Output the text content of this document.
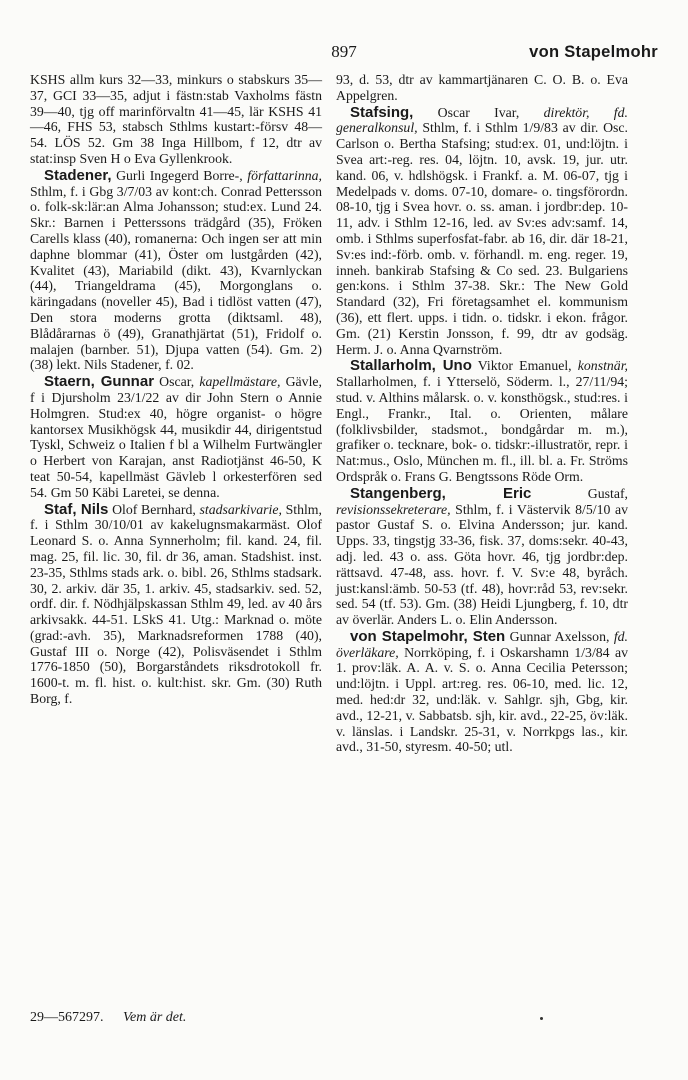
897	von Stapelmohr

KSHS allm kurs 32—33, minkurs o stabskurs 35—37, GCI 33—35, adjut i fästn:stab Vaxholms fästn 39—40, tjg off marinförvaltn 41—45, lär KSHS 41—46, FHS 53, stabsch Sthlms kustart:-försv 48—54. LÖS 52. Gm 38 Inga Hillbom, f 12, dtr av stat:insp Sven H o Eva Gyllenkrook.

Stadener, Gurli Ingegerd Borre-, författarinna, Sthlm, f. i Gbg 3/7/03 av kont:ch. Conrad Pettersson o. folk-sk:lär:an Alma Johansson; stud:ex. Lund 24. Skr.: Barnen i Petterssons trädgård (35), Fröken Carells klass (40), romanerna: Och ingen ser att min daphne blommar (41), Öster om lustgården (42), Kvalitet (43), Mariabild (dikt. 43), Kvarnlyckan (44), Triangeldrama (45), Morgonglans o. käringadans (noveller 45), Bad i tidlöst vatten (47), Den stora moderns grotta (diktsaml. 48), Blådårarnas ö (49), Granathjärtat (51), Fridolf o. malajen (barnber. 51), Djupa vatten (54). Gm. 2) (38) lekt. Nils Stadener, f. 02.

Staern, Gunnar Oscar, kapellmästare, Gävle, f i Djursholm 23/1/22 av dir John Stern o Annie Holmgren. Stud:ex 40, högre organist- o högre kantorsex Musikhögsk 44, musikdir 44, dirigentstud Tyskl, Schweiz o Italien f bl a Wilhelm Furtwängler o Herbert von Karajan, anst Radiotjänst 46-50, K teat 50-54, kapellmäst Gävleb l orkesterfören sed 54. Gm 50 Käbi Laretei, se denna.

Staf, Nils Olof Bernhard, stadsarkivarie, Sthlm, f. i Sthlm 30/10/01 av kakelugnsmakarmäst. Olof Leonard S. o. Anna Synnerholm; fil. kand. 24, fil. mag. 25, fil. lic. 30, fil. dr 36, aman. Stadshist. inst. 23-35, Sthlms stads ark. o. bibl. 26, Sthlms stadsark. 30, 2. arkiv. där 35, 1. arkiv. 45, stadsarkiv. sed. 52, ordf. dir. f. Nödhjälpskassan Sthlm 49, led. av 40 års arkivsakk. 44-51. LSkS 41. Utg.: Marknad o. möte (grad:-avh. 35), Marknadsreformen 1788 (40), Gustaf III o. Norge (42), Polisväsendet i Sthlm 1776-1850 (50), Borgarståndets riksdrotokoll fr. 1600-t. m. fl. hist. o. kult:hist. skr. Gm. (30) Ruth Borg, f.

93, d. 53, dtr av kammartjänaren C. O. B. o. Eva Appelgren.

Stafsing, Oscar Ivar, direktör, fd. generalkonsul, Sthlm, f. i Sthlm 1/9/83 av dir. Osc. Carlson o. Bertha Stafsing; stud:ex. 01, und:löjtn. i Svea art:-reg. res. 04, löjtn. 10, avsk. 19, jur. utr. kand. 06, v. hdlshögsk. i Frankf. a. M. 06-07, tjg i Medelpads v. doms. 07-10, domare- o. tingsförordn. 08-10, tjg i Svea hovr. o. ss. aman. i jordbr:dep. 10-11, adv. i Sthlm 12-16, led. av Sv:es adv:samf. 14, omb. i Sthlms superfosfat-fabr. ab 16, dir. där 18-21, Sv:es ind:-förb. omb. v. förhandl. m. eng. reger. 19, inneh. bankirab Stafsing & Co sed. 23. Bulgariens gen:kons. i Sthlm 37-38. Skr.: The New Gold Standard (32), Fri företagsamhet el. kommunism (36), ett flert. upps. i tidn. o. tidskr. i ekon. frågor. Gm. (21) Kerstin Jonsson, f. 99, dtr av godsäg. Herm. J. o. Anna Qvarnström.

Stallarholm, Uno Viktor Emanuel, konstnär, Stallarholmen, f. i Ytterselö, Söderm. l., 27/11/94; stud. v. Althins målarsk. o. v. konsthögsk., stud:res. i Engl., Frankr., Ital. o. Orienten, målare (folklivsbilder, stadsmot., bondgårdar m. m.), grafiker o. tecknare, bok- o. tidskr:-illustratör, repr. i Nat:mus., Oslo, München m. fl., ill. bl. a. Fr. Ströms Ordspråk o. Frans G. Bengtssons Röde Orm.

Stangenberg, Eric	Gustaf, revisionssekreterare, Sthlm, f. i Västervik 8/5/10 av pastor Gustaf S. o. Elvina Andersson; jur. kand. Upps. 33, tingstjg 33-36, fisk. 37, doms:sekr. 40-43, adj. led. 43 o. ass. Göta hovr. 46, tjg jordbr:dep. rättsavd. 47-48, ass. hovr. f. V. Sv:e 48, byråch. just:kansl:ämb. 50-53 (tf. 48), hovr:råd 53, rev:sekr. sed. 54 (tf. 53). Gm. (38) Heidi Ljungberg, f. 10, dtr av överlär. Anders L. o. Elin Andersson.

von Stapelmohr, Sten Gunnar Axelsson, fd. överläkare, Norrköping, f. i Oskarshamn 1/3/84 av 1. prov:läk. A. A. v. S. o. Anna Cecilia Petersson; und:löjtn. i Uppl. art:reg. res. 06-10, med. lic. 12, med. hed:dr 32, und:läk. v. Sahlgr. sjh, Gbg, kir. avd., 12-21, v. Sabbatsb. sjh, kir. avd., 22-25, öv:läk. v. länslas. i Landskr. 25-31, v. Norrkpgs las., kir. avd., 31-50, styresm. 40-50; utl.

29—567297. Vem är det.
